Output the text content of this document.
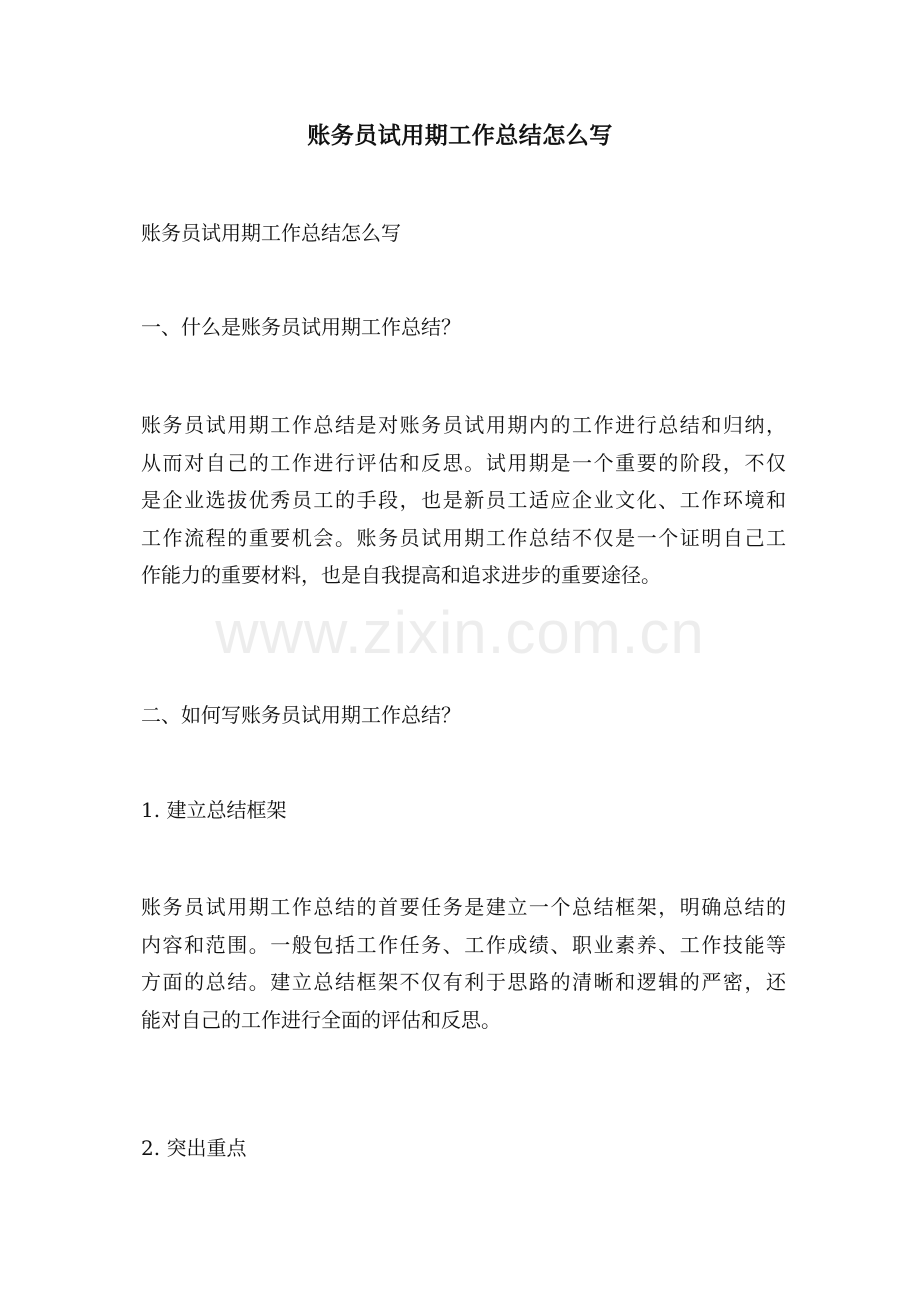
账务员试用期工作总结怎么写
账务员试用期工作总结怎么写
一、什么是账务员试用期工作总结？
账务员试用期工作总结是对账务员试用期内的工作进行总结和归纳，
从而对自己的工作进行评估和反思。试用期是一个重要的阶段，不仅
是企业选拔优秀员工的手段，也是新员工适应企业文化、工作环境和
工作流程的重要机会。账务员试用期工作总结不仅是一个证明自己工
作能力的重要材料，也是自我提高和追求进步的重要途径。
二、如何写账务员试用期工作总结？
1. 建立总结框架
账务员试用期工作总结的首要任务是建立一个总结框架，明确总结的
内容和范围。一般包括工作任务、工作成绩、职业素养、工作技能等
方面的总结。建立总结框架不仅有利于思路的清晰和逻辑的严密，还
能对自己的工作进行全面的评估和反思。
2. 突出重点
www.zixin.com.cn
